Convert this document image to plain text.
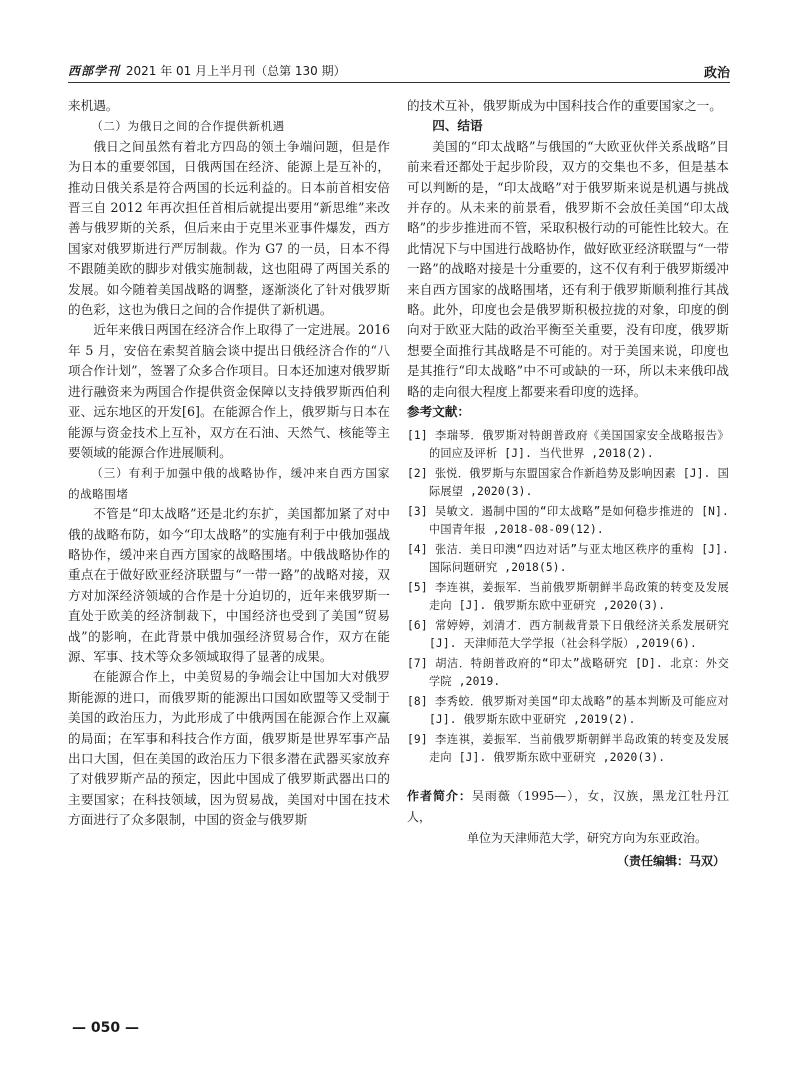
西部学刊 2021 年 01 月上半月刊（总第 130 期）	政治

来机遇。

（二）为俄日之间的合作提供新机遇

俄日之间虽然有着北方四岛的领土争端问题，但是作为日本的重要邻国，日俄两国在经济、能源上是互补的，推动日俄关系是符合两国的长远利益的。日本前首相安倍晋三自 2012 年再次担任首相后就提出要用“新思维”来改善与俄罗斯的关系，但后来由于克里米亚事件爆发，西方国家对俄罗斯进行严厉制裁。作为 G7 的一员，日本不得不跟随美欧的脚步对俄实施制裁，这也阻碍了两国关系的发展。如今随着美国战略的调整，逐渐淡化了针对俄罗斯的色彩，这也为俄日之间的合作提供了新机遇。

近年来俄日两国在经济合作上取得了一定进展。2016 年 5 月，安倍在索契首脑会谈中提出日俄经济合作的“八项合作计划”，签署了众多合作项目。日本还加速对俄罗斯进行融资来为两国合作提供资金保障以支持俄罗斯西伯利亚、远东地区的开发[6]。在能源合作上，俄罗斯与日本在能源与资金技术上互补，双方在石油、天然气、核能等主要领域的能源合作进展顺利。

（三）有利于加强中俄的战略协作，缓冲来自西方国家的战略围堵

不管是“印太战略”还是北约东扩，美国都加紧了对中俄的战略布防，如今“印太战略”的实施有利于中俄加强战略协作，缓冲来自西方国家的战略围堵。中俄战略协作的重点在于做好欧亚经济联盟与“一带一路”的战略对接，双方对加深经济领域的合作是十分迫切的，近年来俄罗斯一直处于欧美的经济制裁下，中国经济也受到了美国“贸易战”的影响，在此背景中俄加强经济贸易合作，双方在能源、军事、技术等众多领域取得了显著的成果。

在能源合作上，中美贸易的争端会让中国加大对俄罗斯能源的进口，而俄罗斯的能源出口国如欧盟等又受制于美国的政治压力，为此形成了中俄两国在能源合作上双赢的局面；在军事和科技合作方面，俄罗斯是世界军事产品出口大国，但在美国的政治压力下很多潜在武器买家放弃了对俄罗斯产品的预定，因此中国成了俄罗斯武器出口的主要国家；在科技领域，因为贸易战，美国对中国在技术方面进行了众多限制，中国的资金与俄罗斯

的技术互补，俄罗斯成为中国科技合作的重要国家之一。

四、结语

美国的“印太战略”与俄国的“大欧亚伙伴关系战略”目前来看还都处于起步阶段，双方的交集也不多，但是基本可以判断的是，“印太战略”对于俄罗斯来说是机遇与挑战并存的。从未来的前景看，俄罗斯不会放任美国“印太战略”的步步推进而不管，采取积极行动的可能性比较大。在此情况下与中国进行战略协作，做好欧亚经济联盟与“一带一路”的战略对接是十分重要的，这不仅有利于俄罗斯缓冲来自西方国家的战略围堵，还有利于俄罗斯顺利推行其战略。此外，印度也会是俄罗斯积极拉拢的对象，印度的倒向对于欧亚大陆的政治平衡至关重要，没有印度，俄罗斯想要全面推行其战略是不可能的。对于美国来说，印度也是其推行“印太战略”中不可或缺的一环，所以未来俄印战略的走向很大程度上都要来看印度的选择。

参考文献：

[1] 李瑞琴．俄罗斯对特朗普政府《美国国家安全战略报告》的回应及评析 [J]. 当代世界 ,2018(2).
[2] 张悦．俄罗斯与东盟国家合作新趋势及影响因素 [J]. 国际展望 ,2020(3).
[3] 吴敏文．遏制中国的“印太战略”是如何稳步推进的 [N]. 中国青年报 ,2018-08-09(12).
[4] 张洁．美日印澳“四边对话”与亚太地区秩序的重构 [J]. 国际问题研究 ,2018(5).
[5] 李连祺，姜振军．当前俄罗斯朝鲜半岛政策的转变及发展走向 [J]. 俄罗斯东欧中亚研究 ,2020(3).
[6] 常婷婷，刘清才．西方制裁背景下日俄经济关系发展研究 [J]. 天津师范大学学报（社会科学版）,2019(6).
[7] 胡洁．特朗普政府的“印太”战略研究 [D]. 北京：外交学院 ,2019.
[8] 李秀蛟．俄罗斯对美国“印太战略”的基本判断及可能应对 [J]. 俄罗斯东欧中亚研究 ,2019(2).
[9] 李连祺，姜振军．当前俄罗斯朝鲜半岛政策的转变及发展走向 [J]. 俄罗斯东欧中亚研究 ,2020(3).
作者简介：吴雨薇（1995—），女，汉族，黑龙江牡丹江人，
单位为天津师范大学，研究方向为东亚政治。
（责任编辑：马双）
— 050 —
